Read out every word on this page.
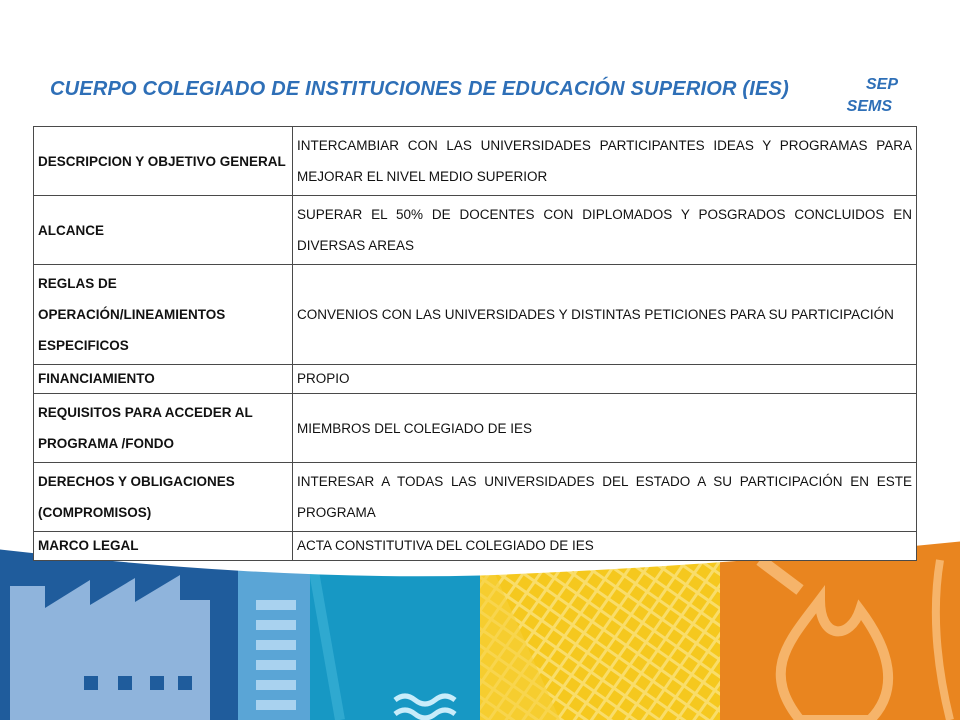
CUERPO COLEGIADO DE INSTITUCIONES DE EDUCACIÓN SUPERIOR (IES)	SEP
SEMS
DESCRIPCION Y OBJETIVO GENERAL	INTERCAMBIAR CON LAS UNIVERSIDADES PARTICIPANTES IDEAS Y PROGRAMAS PARA MEJORAR EL NIVEL MEDIO SUPERIOR
ALCANCE	SUPERAR EL 50% DE DOCENTES CON DIPLOMADOS Y POSGRADOS CONCLUIDOS EN DIVERSAS AREAS
REGLAS DE OPERACIÓN/LINEAMIENTOS ESPECIFICOS	CONVENIOS CON LAS UNIVERSIDADES Y DISTINTAS PETICIONES PARA SU PARTICIPACIÓN
FINANCIAMIENTO	PROPIO
REQUISITOS PARA ACCEDER AL PROGRAMA /FONDO	MIEMBROS DEL COLEGIADO DE IES
DERECHOS Y OBLIGACIONES (COMPROMISOS)	INTERESAR A TODAS LAS UNIVERSIDADES DEL ESTADO A SU PARTICIPACIÓN EN ESTE PROGRAMA
MARCO LEGAL	ACTA CONSTITUTIVA DEL COLEGIADO DE IES
